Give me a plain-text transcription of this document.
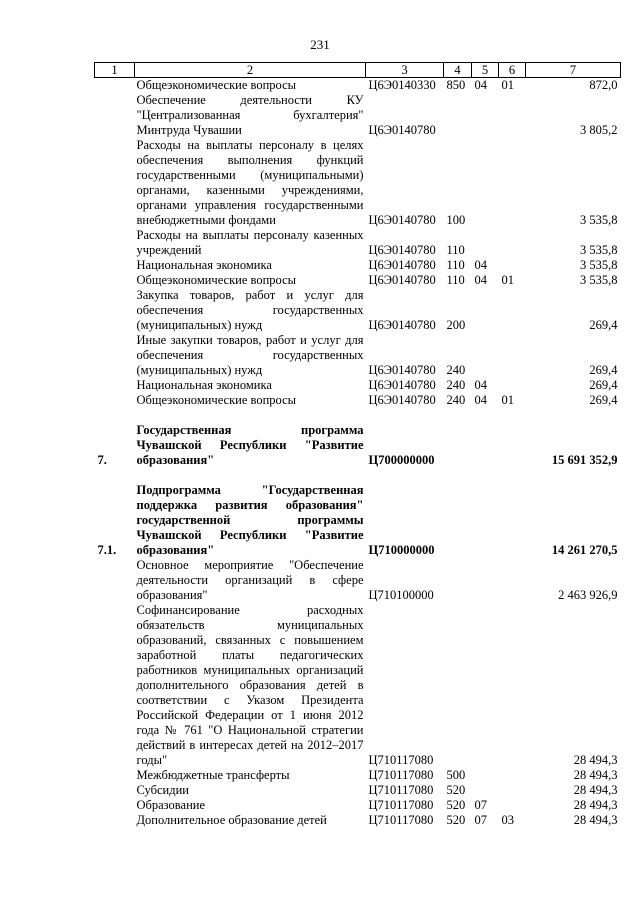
231
1	2	3	4	5	6	7
	Общеэкономические вопросы	Ц6Э0140330	850	04	01	872,0
	Обеспечение деятельности КУ "Централизованная бухгалтерия" Минтруда Чувашии	Ц6Э0140780				3 805,2
	Расходы на выплаты персоналу в целях обеспечения выполнения функций государственными (муниципальными) органами, казенными учреждениями, органами управления государственными внебюджетными фондами	Ц6Э0140780	100			3 535,8
	Расходы на выплаты персоналу казенных учреждений	Ц6Э0140780	110			3 535,8
	Национальная экономика	Ц6Э0140780	110	04		3 535,8
	Общеэкономические вопросы	Ц6Э0140780	110	04	01	3 535,8
	Закупка товаров, работ и услуг для обеспечения государственных (муниципальных) нужд	Ц6Э0140780	200			269,4
	Иные закупки товаров, работ и услуг для обеспечения государственных (муниципальных) нужд	Ц6Э0140780	240			269,4
	Национальная экономика	Ц6Э0140780	240	04		269,4
	Общеэкономические вопросы	Ц6Э0140780	240	04	01	269,4

7.	Государственная программа Чувашской Республики "Развитие образования"	Ц700000000				15 691 352,9

7.1.	Подпрограмма "Государственная поддержка развития образования" государственной программы Чувашской Республики "Развитие образования"	Ц710000000				14 261 270,5
	Основное мероприятие "Обеспечение деятельности организаций в сфере образования"	Ц710100000				2 463 926,9
	Софинансирование расходных обязательств муниципальных образований, связанных с повышением заработной платы педагогических работников муниципальных организаций дополнительного образования детей в соответствии с Указом Президента Российской Федерации от 1 июня 2012 года № 761 "О Национальной стратегии действий в интересах детей на 2012–2017 годы"	Ц710117080				28 494,3
	Межбюджетные трансферты	Ц710117080	500			28 494,3
	Субсидии	Ц710117080	520			28 494,3
	Образование	Ц710117080	520	07		28 494,3
	Дополнительное образование детей	Ц710117080	520	07	03	28 494,3
